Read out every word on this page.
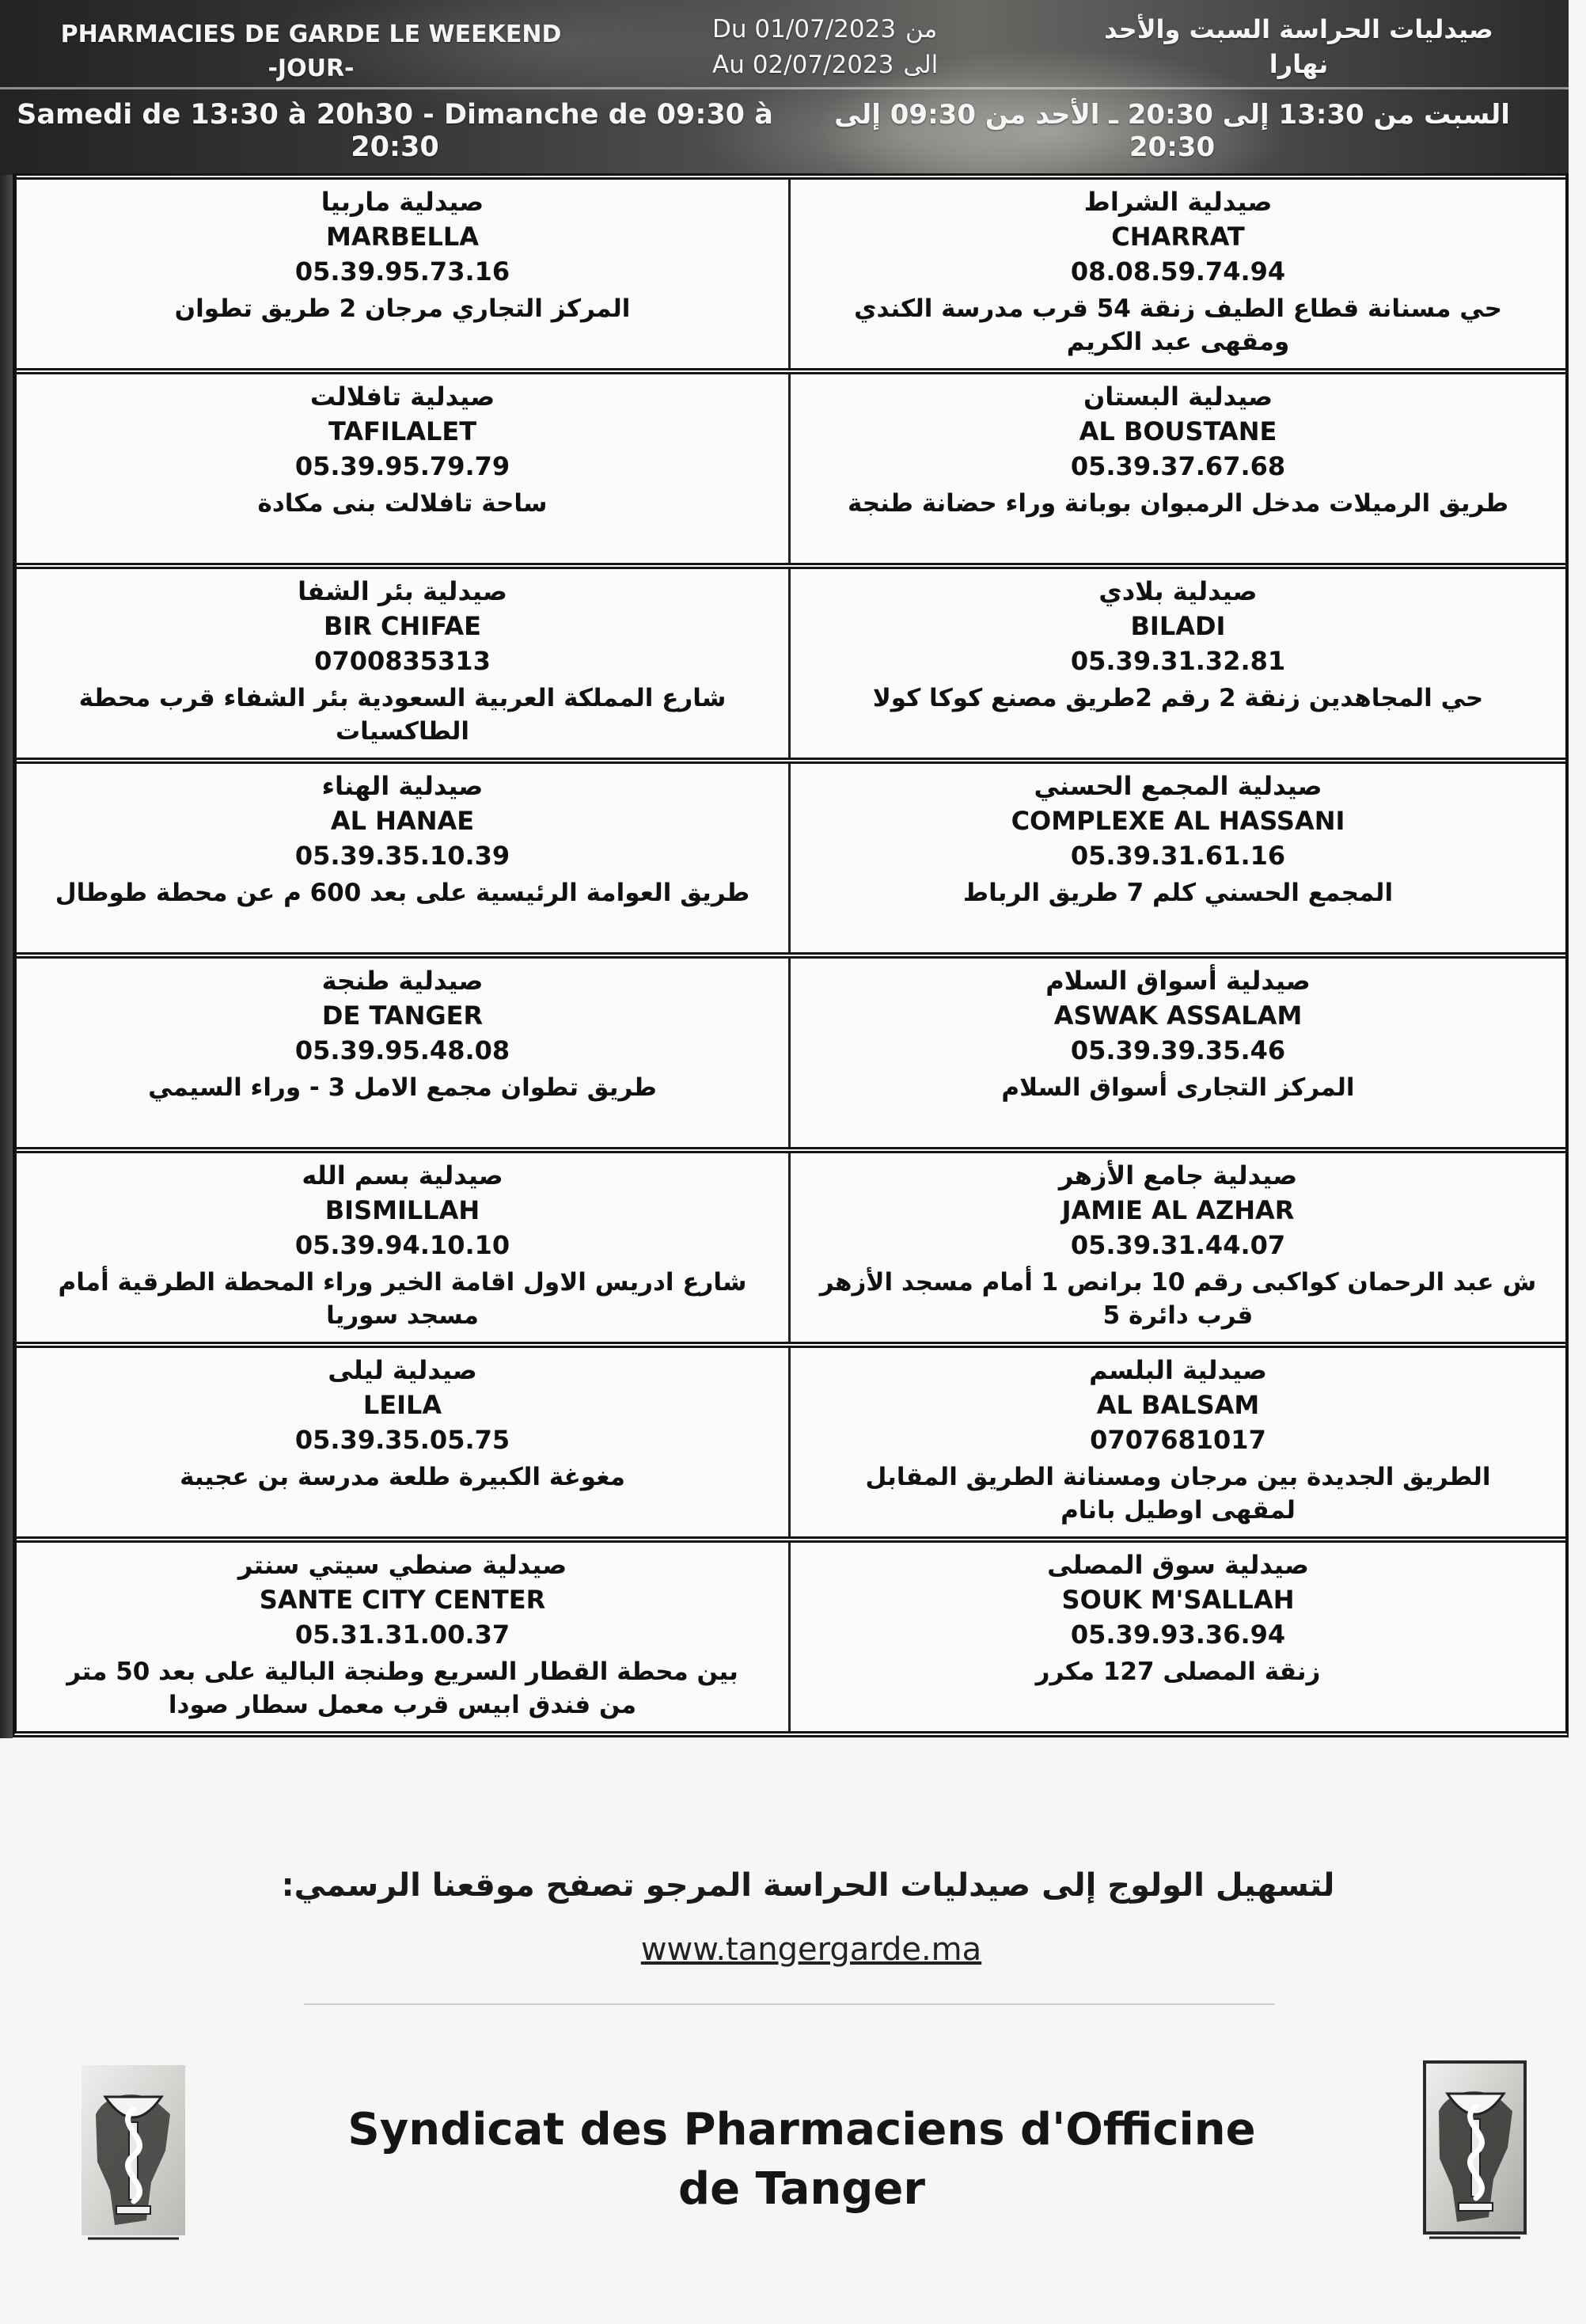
PHARMACIES DE GARDE LE WEEKEND
-JOUR-
Du 01/07/2023 من
Au 02/07/2023 الى
صيدليات الحراسة السبت والأحد
نهارا
Samedi de 13:30 à 20h30 - Dimanche de 09:30 à
20:30
السبت من 13:30 إلى 20:30 ـ الأحد من 09:30 إلى
20:30
صيدلية ماربيا
MARBELLA
05.39.95.73.16
المركز التجاري مرجان 2 طريق تطوان
صيدلية الشراط
CHARRAT
08.08.59.74.94
حي مسنانة قطاع الطيف زنقة 54 قرب مدرسة الكندي
ومقهى عبد الكريم
صيدلية تافلالت
TAFILALET
05.39.95.79.79
ساحة تافلالت بنى مكادة
صيدلية البستان
AL BOUSTANE
05.39.37.67.68
طريق الرميلات مدخل الرمبوان بوبانة وراء حضانة طنجة
صيدلية بئر الشفا
BIR CHIFAE
0700835313
شارع المملكة العربية السعودية بئر الشفاء قرب محطة
الطاكسيات
صيدلية بلادي
BILADI
05.39.31.32.81
حي المجاهدين زنقة 2 رقم 2طريق مصنع كوكا كولا
صيدلية الهناء
AL HANAE
05.39.35.10.39
طريق العوامة الرئيسية على بعد 600 م عن محطة طوطال
صيدلية المجمع الحسني
COMPLEXE AL HASSANI
05.39.31.61.16
المجمع الحسني كلم 7 طريق الرباط
صيدلية طنجة
DE TANGER
05.39.95.48.08
طريق تطوان مجمع الامل 3 - وراء السيمي
صيدلية أسواق السلام
ASWAK ASSALAM
05.39.39.35.46
المركز التجارى أسواق السلام
صيدلية بسم الله
BISMILLAH
05.39.94.10.10
شارع ادريس الاول اقامة الخير وراء المحطة الطرقية أمام
مسجد سوريا
صيدلية جامع الأزهر
JAMIE AL AZHAR
05.39.31.44.07
ش عبد الرحمان كواكبى رقم 10 برانص 1 أمام مسجد الأزهر
قرب دائرة 5
صيدلية ليلى
LEILA
05.39.35.05.75
مغوغة الكبيرة طلعة مدرسة بن عجيبة
صيدلية البلسم
AL BALSAM
0707681017
الطريق الجديدة بين مرجان ومسنانة الطريق المقابل
لمقهى اوطيل بانام
صيدلية صنطي سيتي سنتر
SANTE CITY CENTER
05.31.31.00.37
بين محطة القطار السريع وطنجة البالية على بعد 50 متر
من فندق ابيس قرب معمل سطار صودا
صيدلية سوق المصلى
SOUK M'SALLAH
05.39.93.36.94
زنقة المصلى 127 مكرر
لتسهيل الولوج إلى صيدليات الحراسة المرجو تصفح موقعنا الرسمي:
www.tangergarde.ma
Syndicat des Pharmaciens d'Officine
de Tanger
